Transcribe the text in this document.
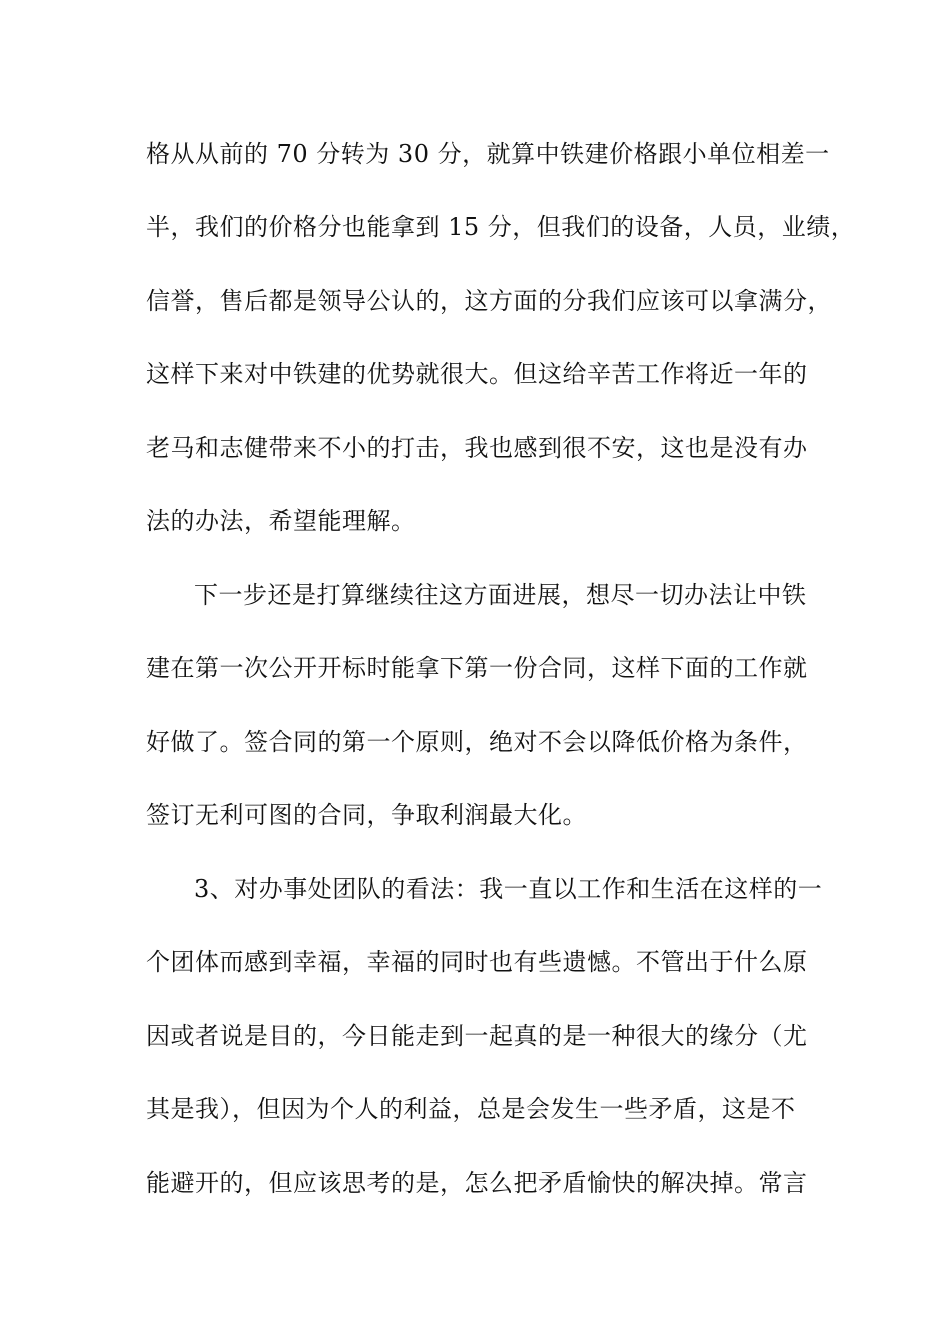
格从从前的 70 分转为 30 分，就算中铁建价格跟小单位相差一
半，我们的价格分也能拿到 15 分，但我们的设备，人员，业绩，
信誉，售后都是领导公认的，这方面的分我们应该可以拿满分，
这样下来对中铁建的优势就很大。但这给辛苦工作将近一年的
老马和志健带来不小的打击，我也感到很不安，这也是没有办
法的办法，希望能理解。
下一步还是打算继续往这方面进展，想尽一切办法让中铁
建在第一次公开开标时能拿下第一份合同，这样下面的工作就
好做了。签合同的第一个原则，绝对不会以降低价格为条件，
签订无利可图的合同，争取利润最大化。
3、对办事处团队的看法：我一直以工作和生活在这样的一
个团体而感到幸福，幸福的同时也有些遗憾。不管出于什么原
因或者说是目的，今日能走到一起真的是一种很大的缘分（尤
其是我），但因为个人的利益，总是会发生一些矛盾，这是不
能避开的，但应该思考的是，怎么把矛盾愉快的解决掉。常言
